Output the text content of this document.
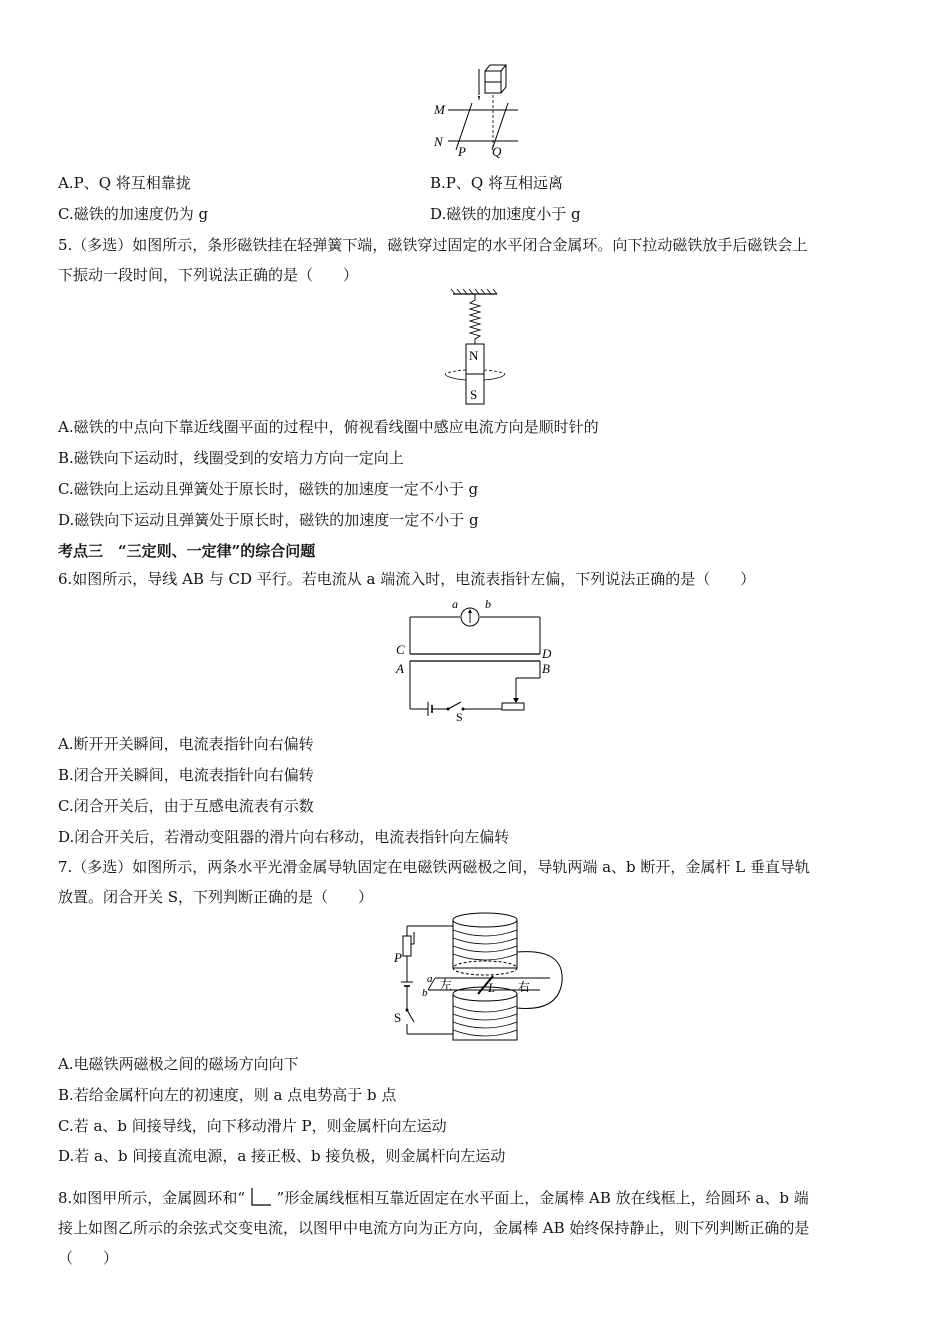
M
N
P Q
A.P、Q 将互相靠拢	B.P、Q 将互相远离
C.磁铁的加速度仍为 g	D.磁铁的加速度小于 g
5.（多选）如图所示，条形磁铁挂在轻弹簧下端，磁铁穿过固定的水平闭合金属环。向下拉动磁铁放手后磁铁会上
下振动一段时间，下列说法正确的是（　　）
N
S
A.磁铁的中点向下靠近线圈平面的过程中，俯视看线圈中感应电流方向是顺时针的
B.磁铁向下运动时，线圈受到的安培力方向一定向上
C.磁铁向上运动且弹簧处于原长时，磁铁的加速度一定不小于 g
D.磁铁向下运动且弹簧处于原长时，磁铁的加速度一定不小于 g
考点三　“三定则、一定律”的综合问题
6.如图所示，导线 AB 与 CD 平行。若电流从 a 端流入时，电流表指针左偏，下列说法正确的是（　　）
a b
C	D
A	B
S
A.断开开关瞬间，电流表指针向右偏转
B.闭合开关瞬间，电流表指针向右偏转
C.闭合开关后，由于互感电流表有示数
D.闭合开关后，若滑动变阻器的滑片向右移动，电流表指针向左偏转
7.（多选）如图所示，两条水平光滑金属导轨固定在电磁铁两磁极之间，导轨两端 a、b 断开，金属杆 L 垂直导轨
放置。闭合开关 S，下列判断正确的是（　　）
P
a
b
左	L 右
S
A.电磁铁两磁极之间的磁场方向向下
B.若给金属杆向左的初速度，则 a 点电势高于 b 点
C.若 a、b 间接导线，向下移动滑片 P，则金属杆向左运动
D.若 a、b 间接直流电源，a 接正极、b 接负极，则金属杆向左运动
8.如图甲所示，金属圆环和“ ”形金属线框相互靠近固定在水平面上，金属棒 AB 放在线框上，给圆环 a、b 端
接上如图乙所示的余弦式交变电流，以图甲中电流方向为正方向，金属棒 AB 始终保持静止，则下列判断正确的是
（　　）
